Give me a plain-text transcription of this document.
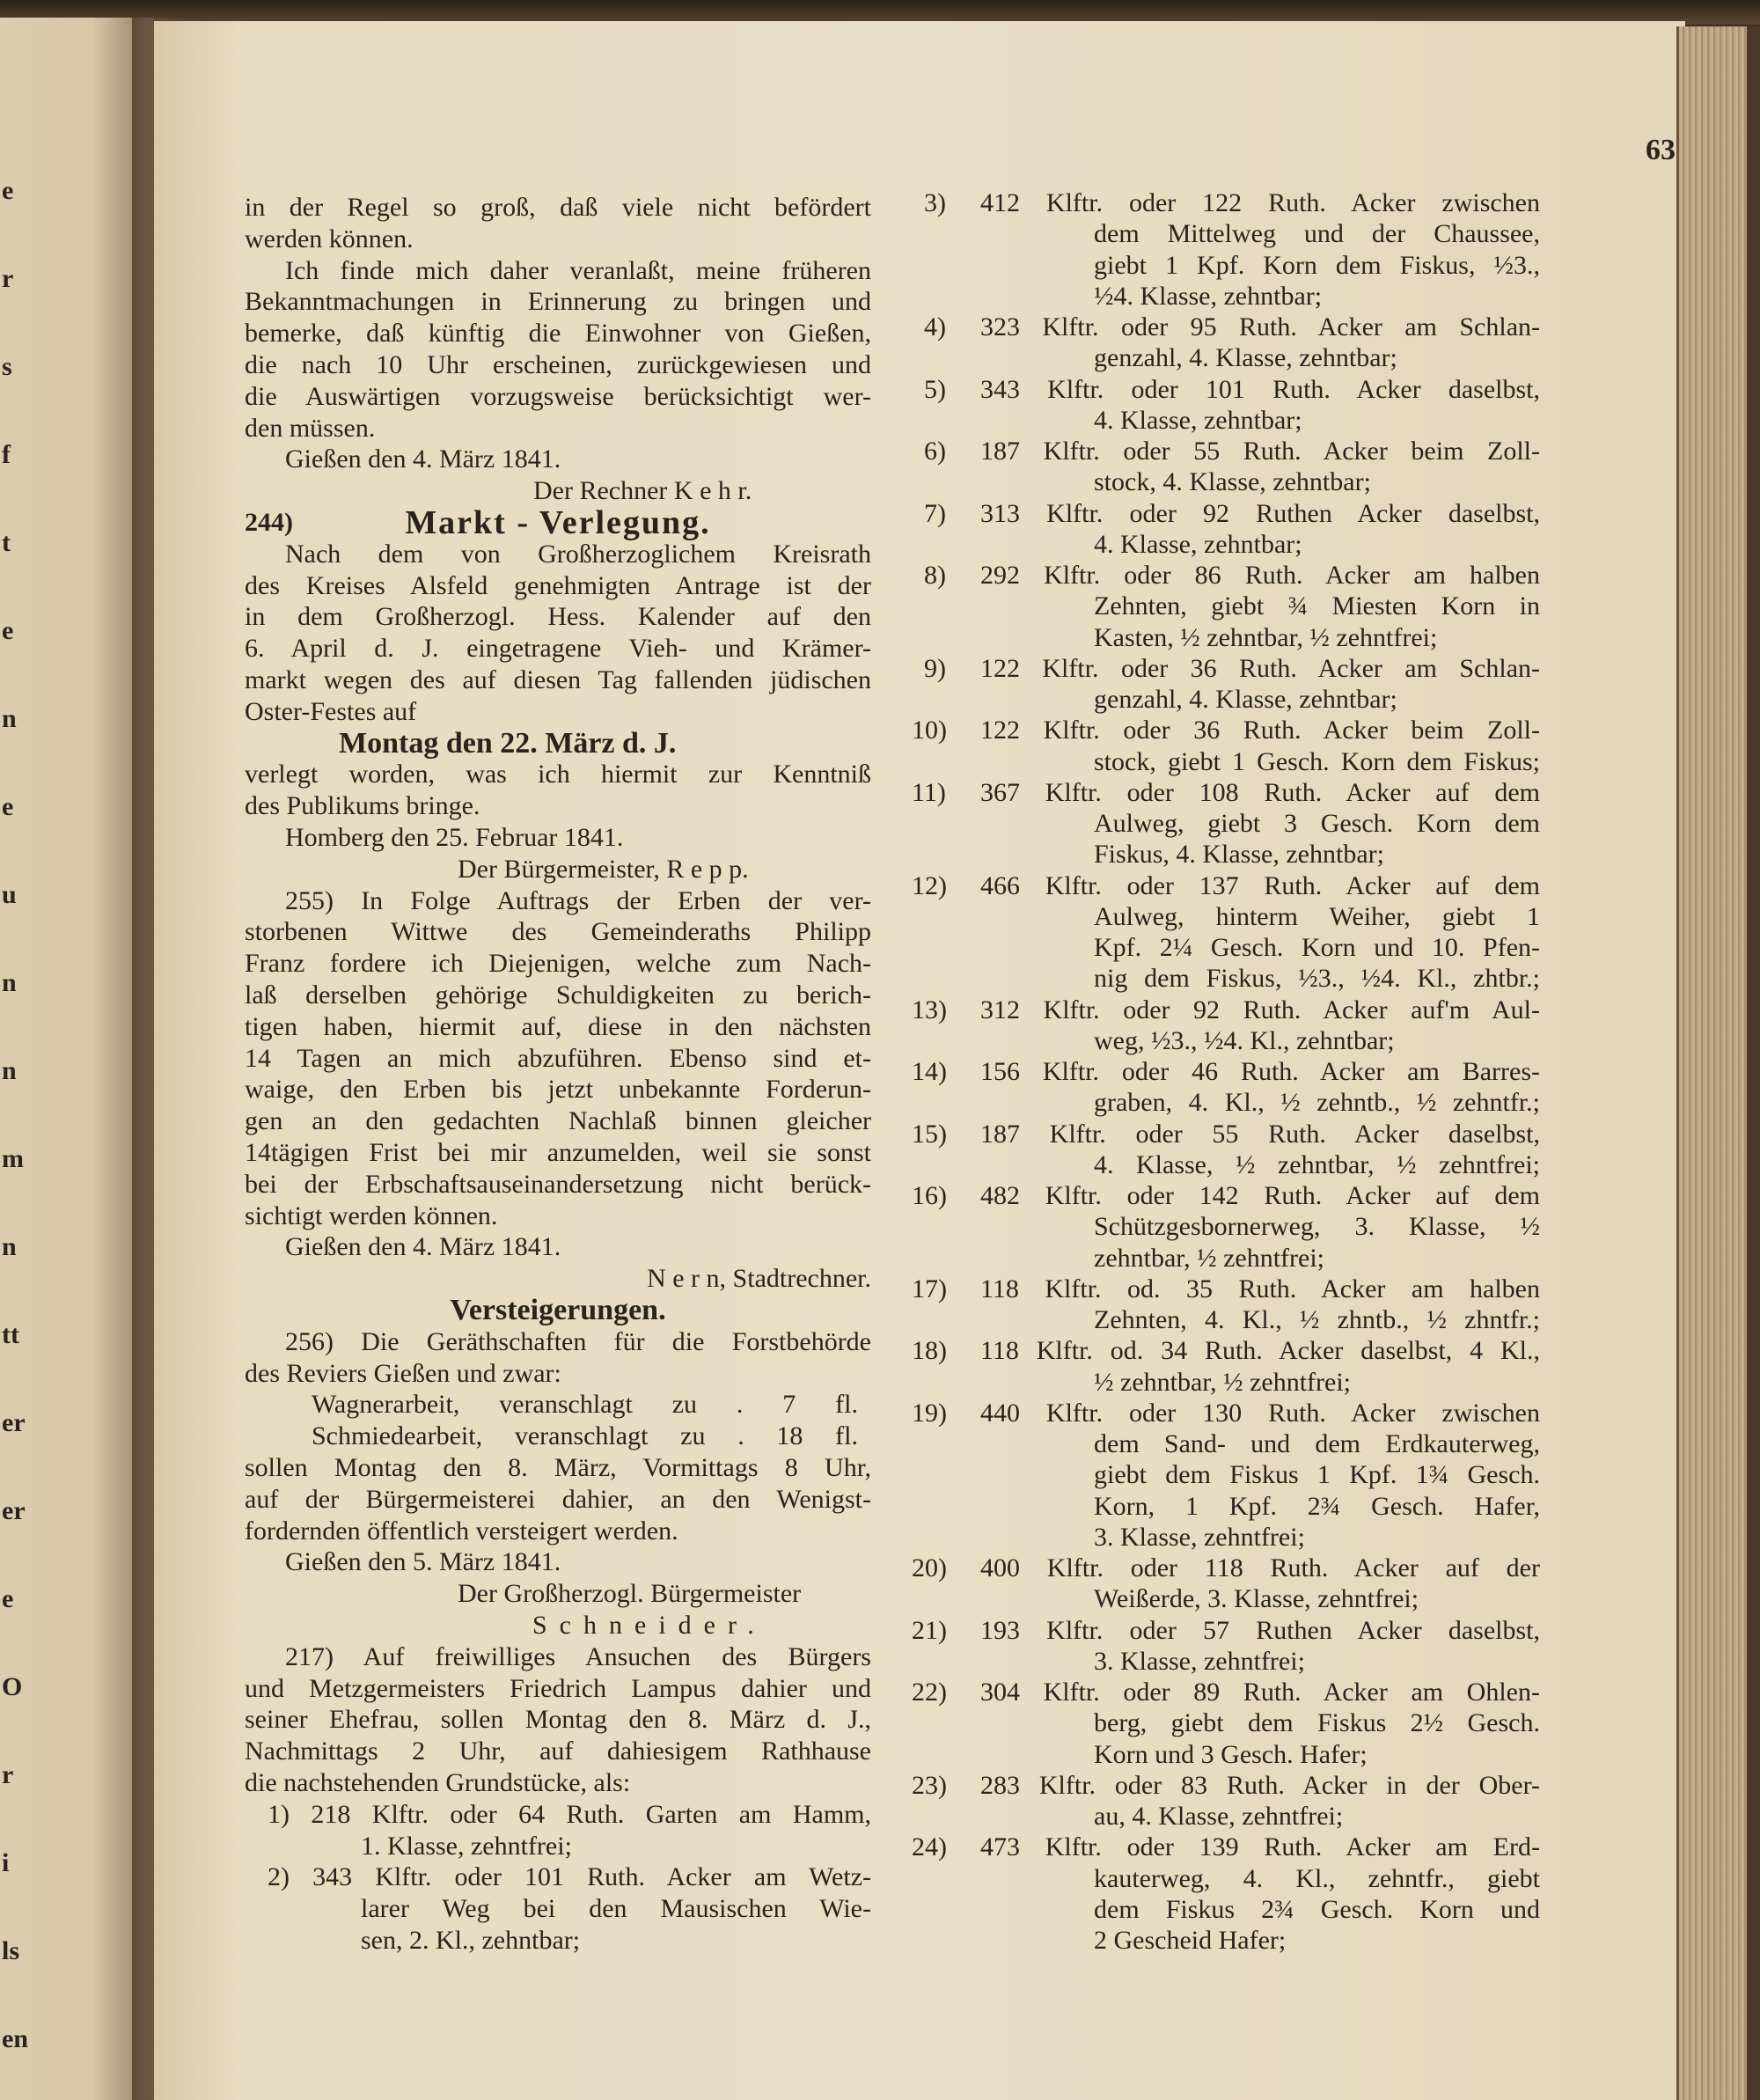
63
in der Regel so groß, daß viele nicht befördert
werden können.
Ich finde mich daher veranlaßt, meine früheren
Bekanntmachungen in Erinnerung zu bringen und
bemerke, daß künftig die Einwohner von Gießen,
die nach 10 Uhr erscheinen, zurückgewiesen und
die Auswärtigen vorzugsweise berücksichtigt wer-
den müssen.
Gießen den 4. März 1841.
Der Rechner K e h r.
244)	Markt - Verlegung.
Nach dem von Großherzoglichem Kreisrath
des Kreises Alsfeld genehmigten Antrage ist der
in dem Großherzogl. Hess. Kalender auf den
6. April d. J. eingetragene Vieh- und Krämer-
markt wegen des auf diesen Tag fallenden jüdischen
Oster-Festes auf
Montag den 22. März d. J.
verlegt worden, was ich hiermit zur Kenntniß
des Publikums bringe.
Homberg den 25. Februar 1841.
Der Bürgermeister, R e p p.
255) In Folge Auftrags der Erben der ver-
storbenen Wittwe des Gemeinderaths Philipp
Franz fordere ich Diejenigen, welche zum Nach-
laß derselben gehörige Schuldigkeiten zu berich-
tigen haben, hiermit auf, diese in den nächsten
14 Tagen an mich abzuführen. Ebenso sind et-
waige, den Erben bis jetzt unbekannte Forderun-
gen an den gedachten Nachlaß binnen gleicher
14tägigen Frist bei mir anzumelden, weil sie sonst
bei der Erbschaftsauseinandersetzung nicht berück-
sichtigt werden können.
Gießen den 4. März 1841.
N e r n, Stadtrechner.
Versteigerungen.
256) Die Geräthschaften für die Forstbehörde
des Reviers Gießen und zwar:
Wagnerarbeit, veranschlagt zu . 7 fl.
Schmiedearbeit, veranschlagt zu . 18 fl.
sollen Montag den 8. März, Vormittags 8 Uhr,
auf der Bürgermeisterei dahier, an den Wenigst-
fordernden öffentlich versteigert werden.
Gießen den 5. März 1841.
Der Großherzogl. Bürgermeister
Schneider.
217) Auf freiwilliges Ansuchen des Bürgers
und Metzgermeisters Friedrich Lampus dahier und
seiner Ehefrau, sollen Montag den 8. März d. J.,
Nachmittags 2 Uhr, auf dahiesigem Rathhause
die nachstehenden Grundstücke, als:
1) 218 Klftr. oder 64 Ruth. Garten am Hamm,
1. Klasse, zehntfrei;
2) 343 Klftr. oder 101 Ruth. Acker am Wetz-
larer Weg bei den Mausischen Wie-
sen, 2. Kl., zehntbar;
3) 412 Klftr. oder 122 Ruth. Acker zwischen
dem Mittelweg und der Chaussee,
giebt 1 Kpf. Korn dem Fiskus, ½3.,
½4. Klasse, zehntbar;
4) 323 Klftr. oder 95 Ruth. Acker am Schlan-
genzahl, 4. Klasse, zehntbar;
5) 343 Klftr. oder 101 Ruth. Acker daselbst,
4. Klasse, zehntbar;
6) 187 Klftr. oder 55 Ruth. Acker beim Zoll-
stock, 4. Klasse, zehntbar;
7) 313 Klftr. oder 92 Ruthen Acker daselbst,
4. Klasse, zehntbar;
8) 292 Klftr. oder 86 Ruth. Acker am halben
Zehnten, giebt ¾ Miesten Korn in
Kasten, ½ zehntbar, ½ zehntfrei;
9) 122 Klftr. oder 36 Ruth. Acker am Schlan-
genzahl, 4. Klasse, zehntbar;
10) 122 Klftr. oder 36 Ruth. Acker beim Zoll-
stock, giebt 1 Gesch. Korn dem Fiskus;
11) 367 Klftr. oder 108 Ruth. Acker auf dem
Aulweg, giebt 3 Gesch. Korn dem
Fiskus, 4. Klasse, zehntbar;
12) 466 Klftr. oder 137 Ruth. Acker auf dem
Aulweg, hinterm Weiher, giebt 1
Kpf. 2¼ Gesch. Korn und 10. Pfen-
nig dem Fiskus, ½3., ½4. Kl., zhtbr.;
13) 312 Klftr. oder 92 Ruth. Acker auf'm Aul-
weg, ½3., ½4. Kl., zehntbar;
14) 156 Klftr. oder 46 Ruth. Acker am Barres-
graben, 4. Kl., ½ zehntb., ½ zehntfr.;
15) 187 Klftr. oder 55 Ruth. Acker daselbst,
4. Klasse, ½ zehntbar, ½ zehntfrei;
16) 482 Klftr. oder 142 Ruth. Acker auf dem
Schützgesbornerweg, 3. Klasse, ½
zehntbar, ½ zehntfrei;
17) 118 Klftr. od. 35 Ruth. Acker am halben
Zehnten, 4. Kl., ½ zhntb., ½ zhntfr.;
18) 118 Klftr. od. 34 Ruth. Acker daselbst, 4 Kl.,
½ zehntbar, ½ zehntfrei;
19) 440 Klftr. oder 130 Ruth. Acker zwischen
dem Sand- und dem Erdkauterweg,
giebt dem Fiskus 1 Kpf. 1¾ Gesch.
Korn, 1 Kpf. 2¾ Gesch. Hafer,
3. Klasse, zehntfrei;
20) 400 Klftr. oder 118 Ruth. Acker auf der
Weißerde, 3. Klasse, zehntfrei;
21) 193 Klftr. oder 57 Ruthen Acker daselbst,
3. Klasse, zehntfrei;
22) 304 Klftr. oder 89 Ruth. Acker am Ohlen-
berg, giebt dem Fiskus 2½ Gesch.
Korn und 3 Gesch. Hafer;
23) 283 Klftr. oder 83 Ruth. Acker in der Ober-
au, 4. Klasse, zehntfrei;
24) 473 Klftr. oder 139 Ruth. Acker am Erd-
kauterweg, 4. Kl., zehntfr., giebt
dem Fiskus 2¾ Gesch. Korn und
2 Gescheid Hafer;
e
r
s
f
t
e
n
e
u
n
n
m
n
tt
er
er
e
O
r
i
ls
en
